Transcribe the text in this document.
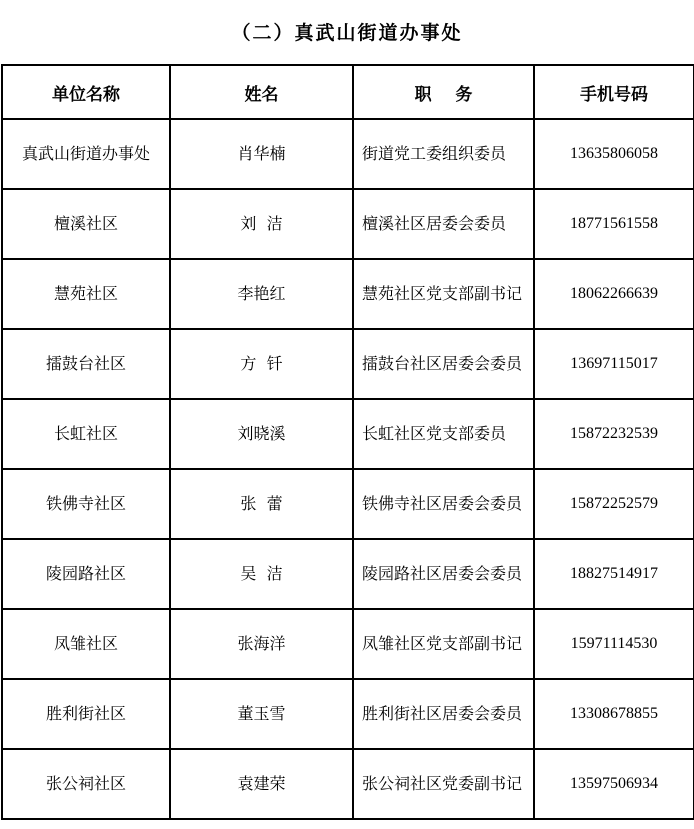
（二）真武山街道办事处
单位名称	姓名	职    务	手机号码
真武山街道办事处	肖华楠	街道党工委组织委员	13635806058
檀溪社区	刘  洁	檀溪社区居委会委员	18771561558
慧苑社区	李艳红	慧苑社区党支部副书记	18062266639
擂鼓台社区	方  钎	擂鼓台社区居委会委员	13697115017
长虹社区	刘晓溪	长虹社区党支部委员	15872232539
铁佛寺社区	张  蕾	铁佛寺社区居委会委员	15872252579
陵园路社区	吴  洁	陵园路社区居委会委员	18827514917
凤雏社区	张海洋	凤雏社区党支部副书记	15971114530
胜利街社区	董玉雪	胜利街社区居委会委员	13308678855
张公祠社区	袁建荣	张公祠社区党委副书记	13597506934
